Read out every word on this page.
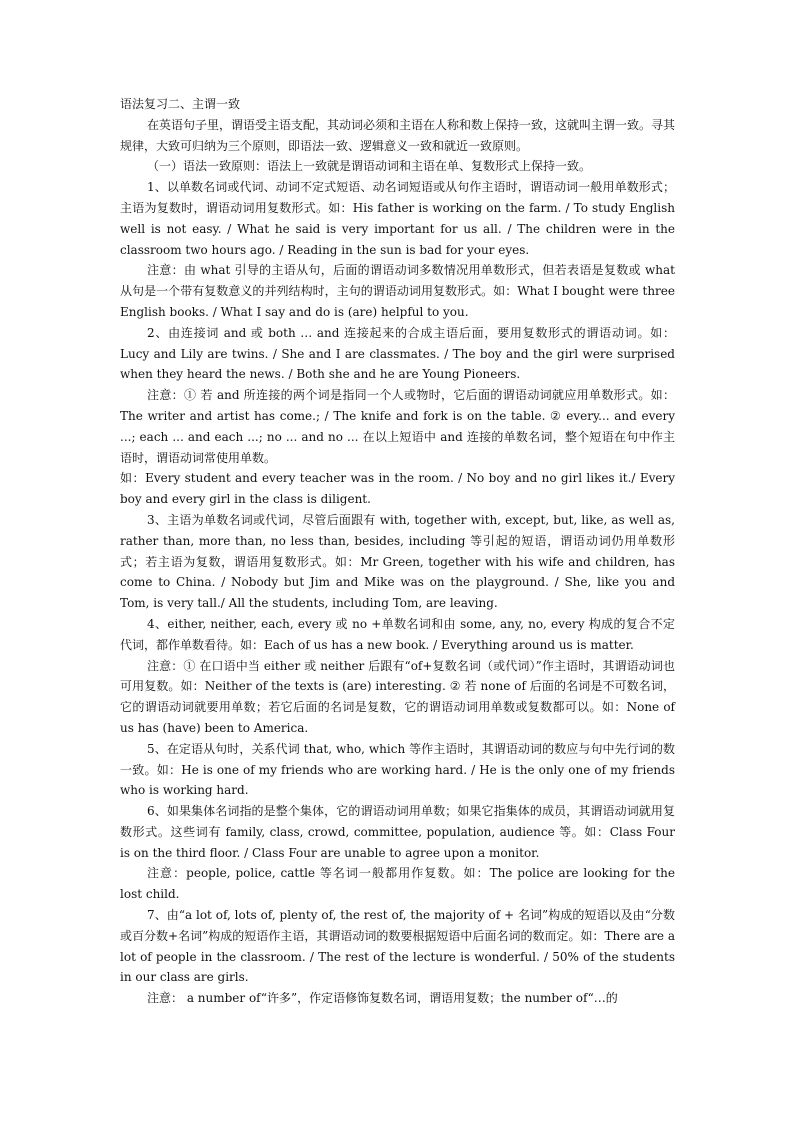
语法复习二、主谓一致

在英语句子里，谓语受主语支配，其动词必须和主语在人称和数上保持一致，这就叫主谓一致。寻其规律，大致可归纳为三个原则，即语法一致、逻辑意义一致和就近一致原则。

（一）语法一致原则：语法上一致就是谓语动词和主语在单、复数形式上保持一致。

1、以单数名词或代词、动词不定式短语、动名词短语或从句作主语时，谓语动词一般用单数形式；主语为复数时，谓语动词用复数形式。如：His father is working on the farm. / To study English well is not easy. / What he said is very important for us all. / The children were in the classroom two hours ago. / Reading in the sun is bad for your eyes.

注意：由 what 引导的主语从句，后面的谓语动词多数情况用单数形式，但若表语是复数或 what 从句是一个带有复数意义的并列结构时，主句的谓语动词用复数形式。如：What I bought were three English books. / What I say and do is (are) helpful to you.

2、由连接词 and 或 both … and 连接起来的合成主语后面，要用复数形式的谓语动词。如：Lucy and Lily are twins. / She and I are classmates. / The boy and the girl were surprised when they heard the news. / Both she and he are Young Pioneers.

注意：① 若 and 所连接的两个词是指同一个人或物时，它后面的谓语动词就应用单数形式。如：The writer and artist has come.; / The knife and fork is on the table. ② every... and every ...; each ... and each ...; no ... and no ... 在以上短语中 and 连接的单数名词，整个短语在句中作主语时，谓语动词常使用单数。

如：Every student and every teacher was in the room. / No boy and no girl likes it./ Every boy and every girl in the class is diligent.

3、主语为单数名词或代词，尽管后面跟有 with, together with, except, but, like, as well as, rather than, more than, no less than, besides, including 等引起的短语，谓语动词仍用单数形式；若主语为复数，谓语用复数形式。如：Mr Green, together with his wife and children, has come to China. / Nobody but Jim and Mike was on the playground. / She, like you and Tom, is very tall./ All the students, including Tom, are leaving.

4、either, neither, each, every 或 no +单数名词和由 some, any, no, every 构成的复合不定代词，都作单数看待。如：Each of us has a new book. / Everything around us is matter.

注意：① 在口语中当 either 或 neither 后跟有“of+复数名词（或代词）”作主语时，其谓语动词也可用复数。如：Neither of the texts is (are) interesting. ② 若 none of 后面的名词是不可数名词，它的谓语动词就要用单数；若它后面的名词是复数，它的谓语动词用单数或复数都可以。如：None of us has (have) been to America.

5、在定语从句时，关系代词 that, who, which 等作主语时，其谓语动词的数应与句中先行词的数一致。如：He is one of my friends who are working hard. / He is the only one of my friends who is working hard.

6、如果集体名词指的是整个集体，它的谓语动词用单数；如果它指集体的成员，其谓语动词就用复数形式。这些词有 family, class, crowd, committee, population, audience 等。如：Class Four is on the third floor. / Class Four are unable to agree upon a monitor.

注意：people, police, cattle 等名词一般都用作复数。如：The police are looking for the lost child.

7、由“a lot of, lots of, plenty of, the rest of, the majority of + 名词”构成的短语以及由“分数或百分数+名词”构成的短语作主语，其谓语动词的数要根据短语中后面名词的数而定。如：There are a lot of people in the classroom. / The rest of the lecture is wonderful. / 50% of the students in our class are girls.

注意： a number of“许多”，作定语修饰复数名词，谓语用复数；the number of“…的
